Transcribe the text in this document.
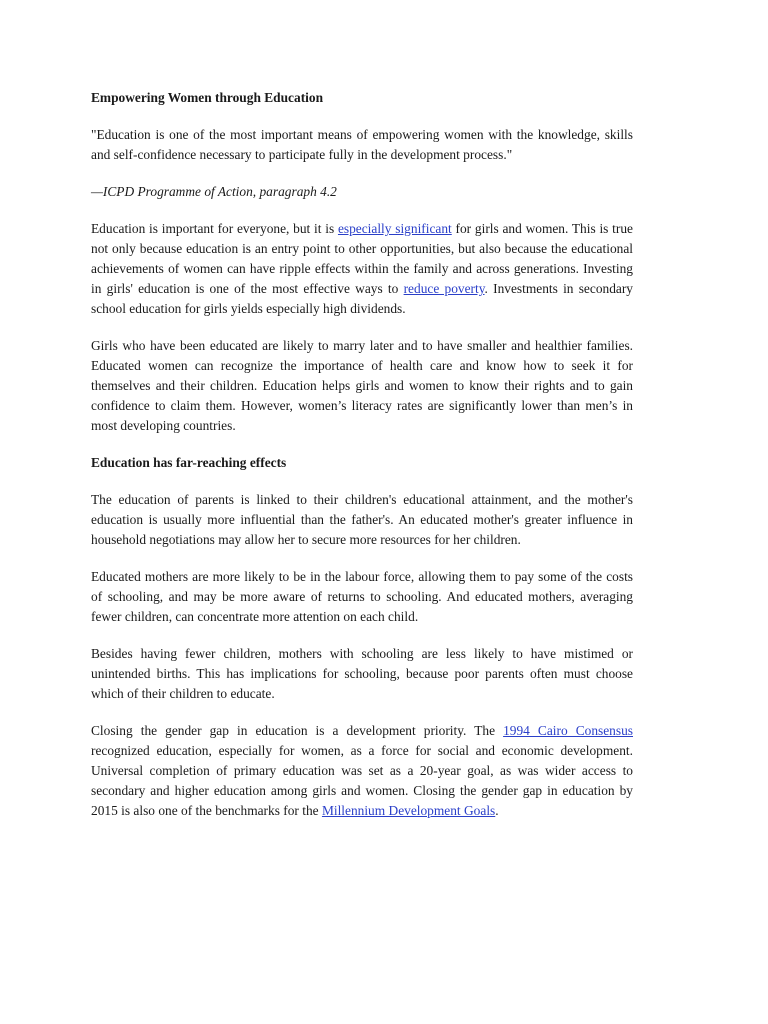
Empowering Women through Education

"Education is one of the most important means of empowering women with the knowledge, skills and self-confidence necessary to participate fully in the development process."

—ICPD Programme of Action, paragraph 4.2

Education is important for everyone, but it is especially significant for girls and women. This is true not only because education is an entry point to other opportunities, but also because the educational achievements of women can have ripple effects within the family and across generations. Investing in girls' education is one of the most effective ways to reduce poverty. Investments in secondary school education for girls yields especially high dividends.

Girls who have been educated are likely to marry later and to have smaller and healthier families. Educated women can recognize the importance of health care and know how to seek it for themselves and their children. Education helps girls and women to know their rights and to gain confidence to claim them. However, women’s literacy rates are significantly lower than men’s in most developing countries.

Education has far-reaching effects

The education of parents is linked to their children's educational attainment, and the mother's education is usually more influential than the father's. An educated mother's greater influence in household negotiations may allow her to secure more resources for her children.

Educated mothers are more likely to be in the labour force, allowing them to pay some of the costs of schooling, and may be more aware of returns to schooling. And educated mothers, averaging fewer children, can concentrate more attention on each child.

Besides having fewer children, mothers with schooling are less likely to have mistimed or unintended births. This has implications for schooling, because poor parents often must choose which of their children to educate.

Closing the gender gap in education is a development priority. The 1994 Cairo Consensus recognized education, especially for women, as a force for social and economic development. Universal completion of primary education was set as a 20-year goal, as was wider access to secondary and higher education among girls and women. Closing the gender gap in education by 2015 is also one of the benchmarks for the Millennium Development Goals.
